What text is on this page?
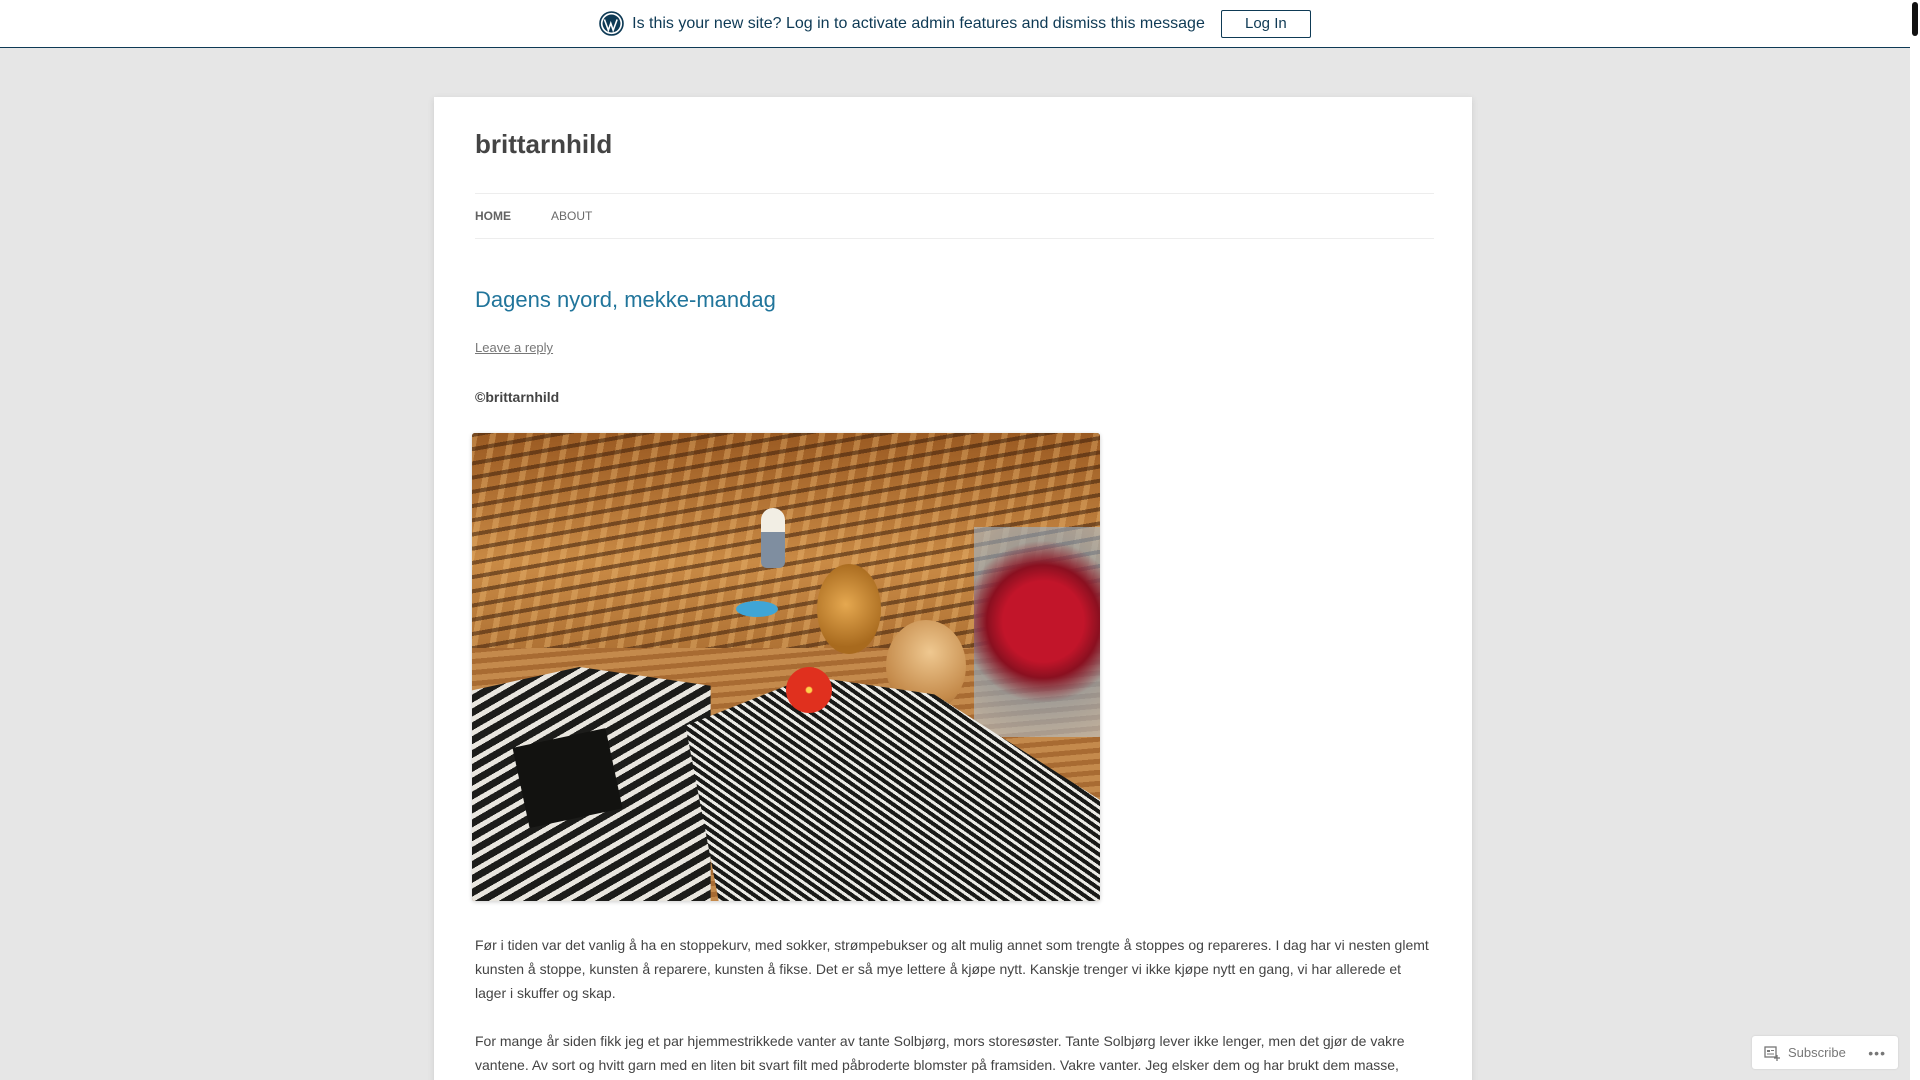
Is this your new site? Log in to activate admin features and dismiss this message	Log In
brittarnhild
HOME	ABOUT
Dagens nyord, mekke-mandag
Leave a reply
©brittarnhild

Før i tiden var det vanlig å ha en stoppekurv, med sokker, strømpebukser og alt mulig annet som trengte å stoppes og repareres. I dag har vi nesten glemt kunsten å stoppe, kunsten å reparere, kunsten å fikse. Det er så mye lettere å kjøpe nytt. Kanskje trenger vi ikke kjøpe nytt en gang, vi har allerede et lager i skuffer og skap.

For mange år siden fikk jeg et par hjemmestrikkede vanter av tante Solbjørg, mors storesøster. Tante Solbjørg lever ikke lenger, men det gjør de vakre vantene. Av sort og hvitt garn med en liten bit svart filt med påbroderte blomster på framsiden. Vakre vanter. Jeg elsker dem og har brukt dem masse,

Subscribe •••
